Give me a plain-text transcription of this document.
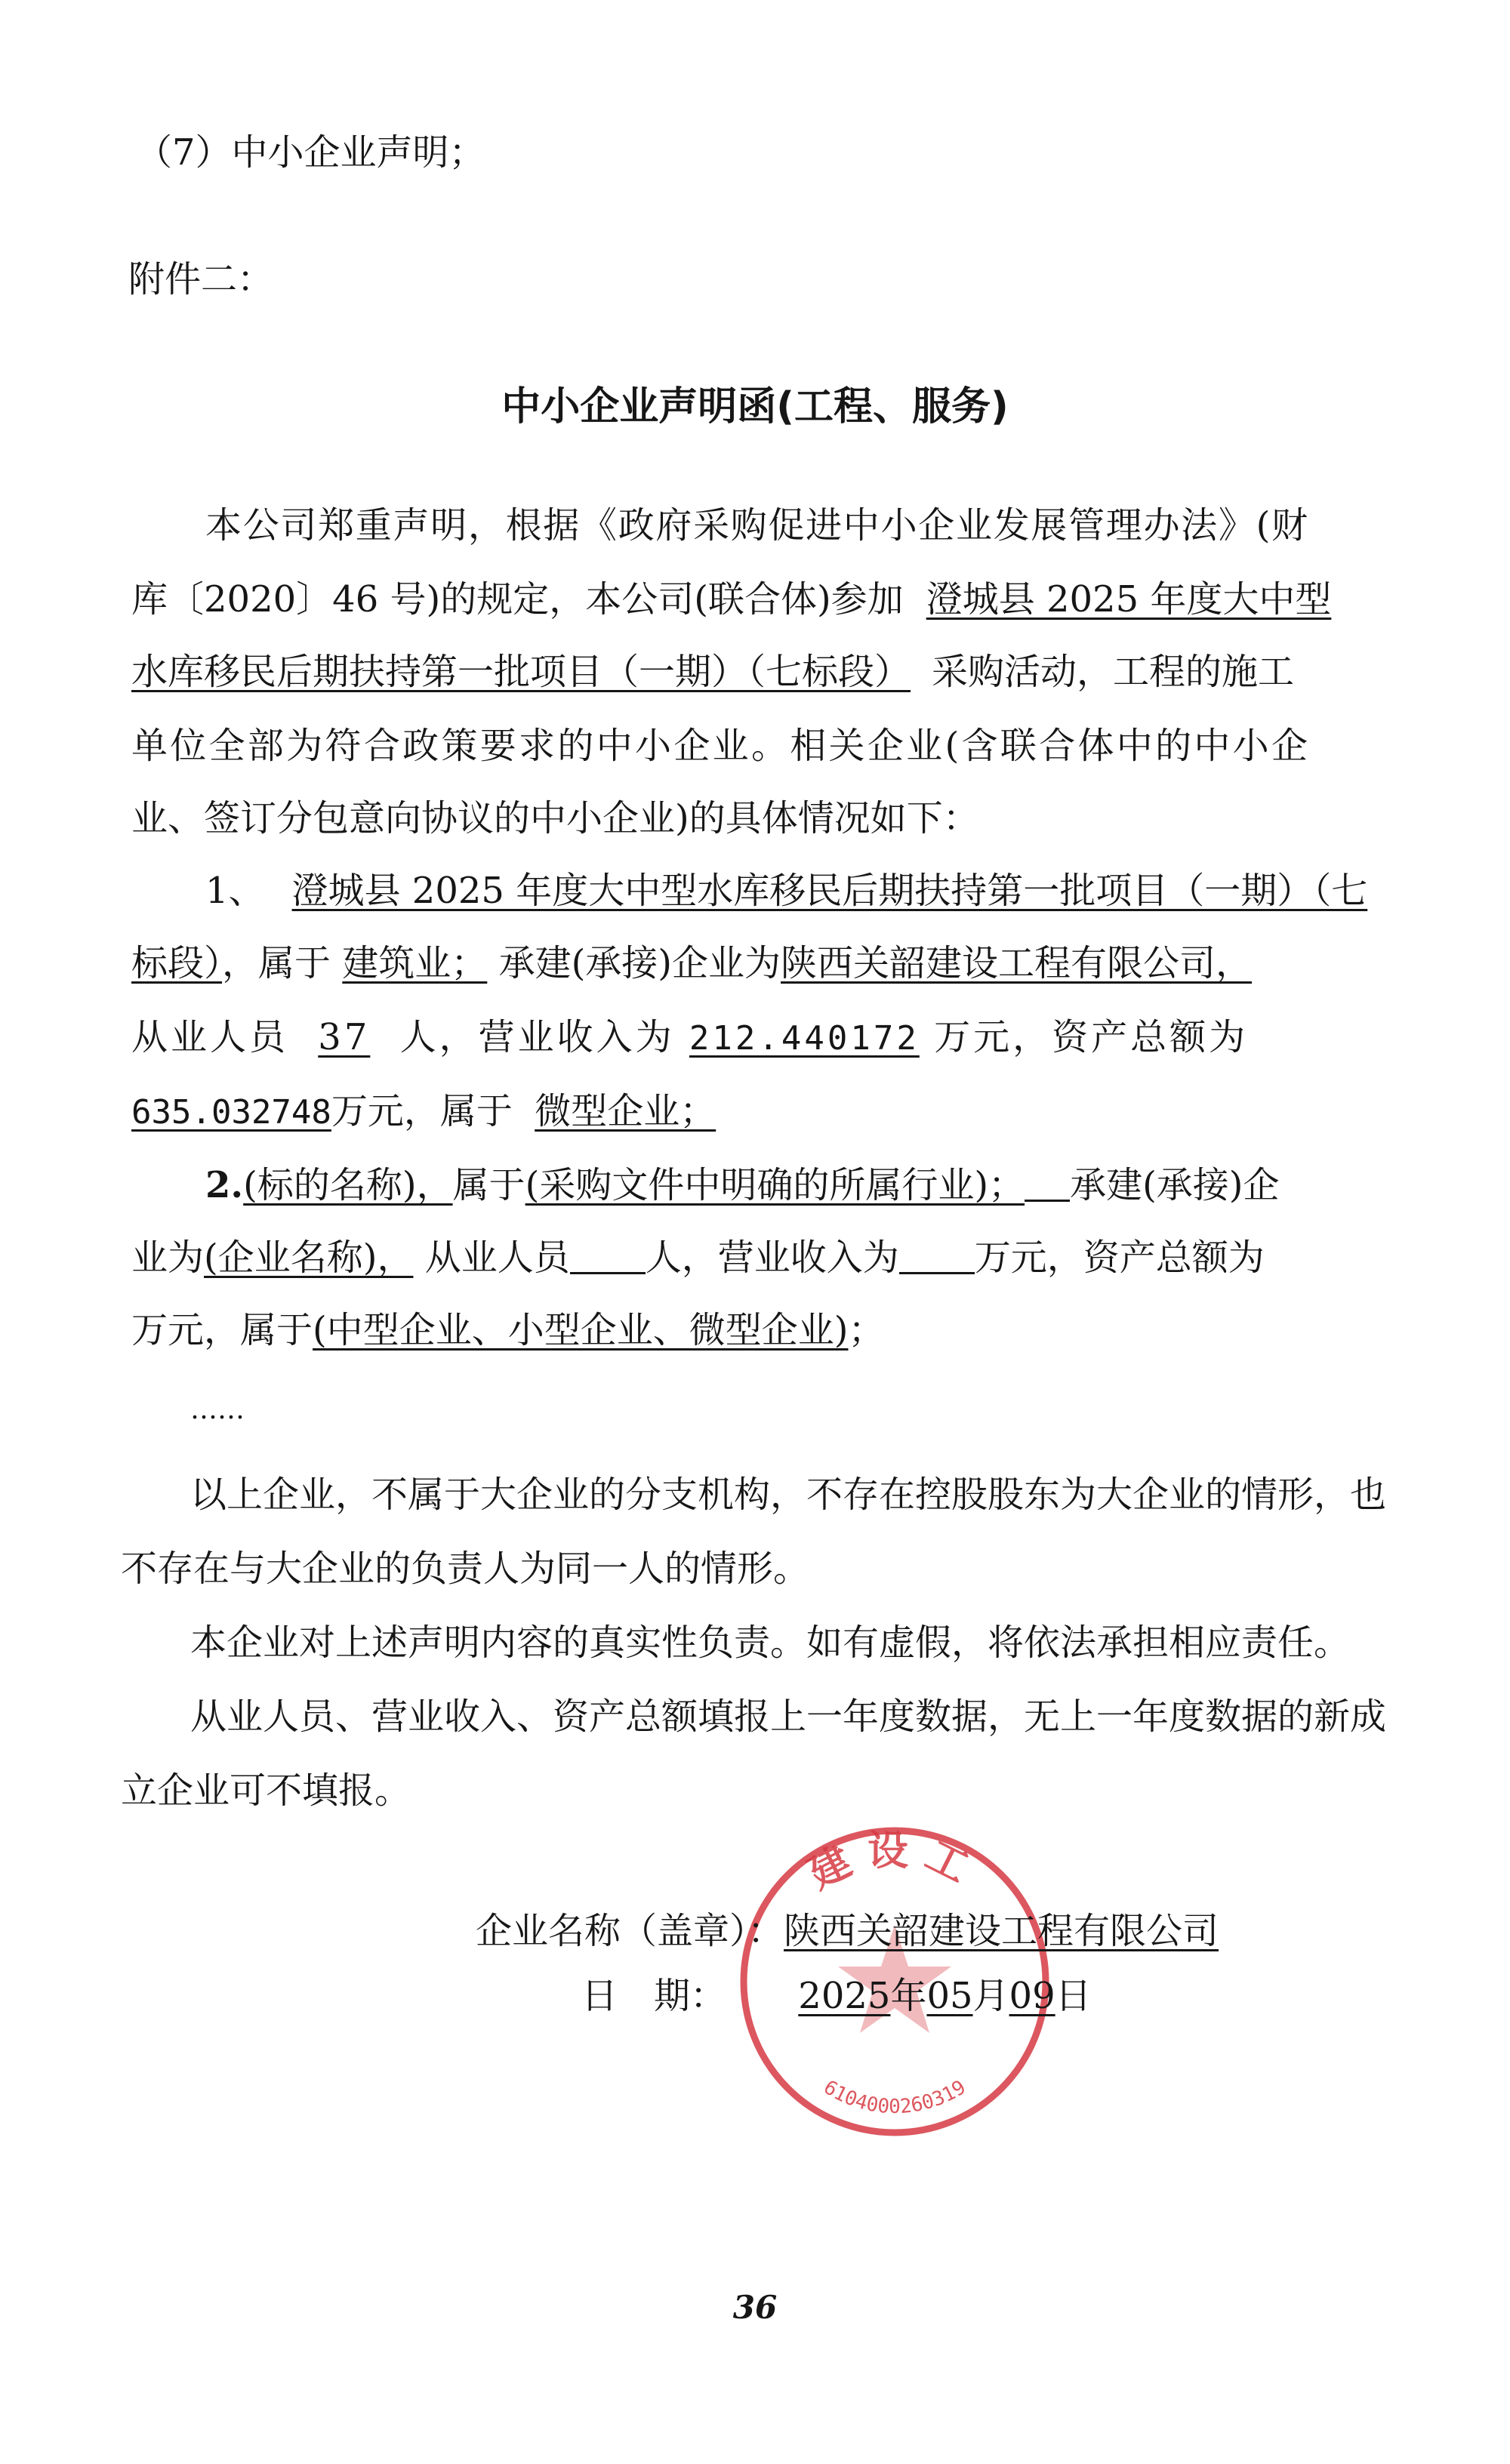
（7）中小企业声明；
附件二：
中小企业声明函(工程、服务)
本公司郑重声明，根据《政府采购促进中小企业发展管理办法》(财
库〔2020〕46 号)的规定，本公司(联合体)参加 澄城县 2025 年度大中型
水库移民后期扶持第一批项目（一期）（七标段） 采购活动，工程的施工
单位全部为符合政策要求的中小企业。相关企业(含联合体中的中小企
业、签订分包意向协议的中小企业)的具体情况如下：
1、 澄城县 2025 年度大中型水库移民后期扶持第一批项目（一期）（七
标段），属于 建筑业； 承建(承接)企业为陕西关韶建设工程有限公司，
从业人员 37 人，营业收入为 212.440172 万元，资产总额为
635.032748万元，属于 微型企业；
2.(标的名称)，属于(采购文件中明确的所属行业)； 承建(承接)企
业为(企业名称)， 从业人员 人，营业收入为 万元，资产总额为
万元，属于(中型企业、小型企业、微型企业)；
……
以上企业，不属于大企业的分支机构，不存在控股股东为大企业的情形，也
不存在与大企业的负责人为同一人的情形。
本企业对上述声明内容的真实性负责。如有虚假，将依法承担相应责任。
从业人员、营业收入、资产总额填报上一年度数据，无上一年度数据的新成
立企业可不填报。
建设工
6104000260319
企业名称（盖章）：陕西关韶建设工程有限公司
日　期： 2025年05月09日
36
